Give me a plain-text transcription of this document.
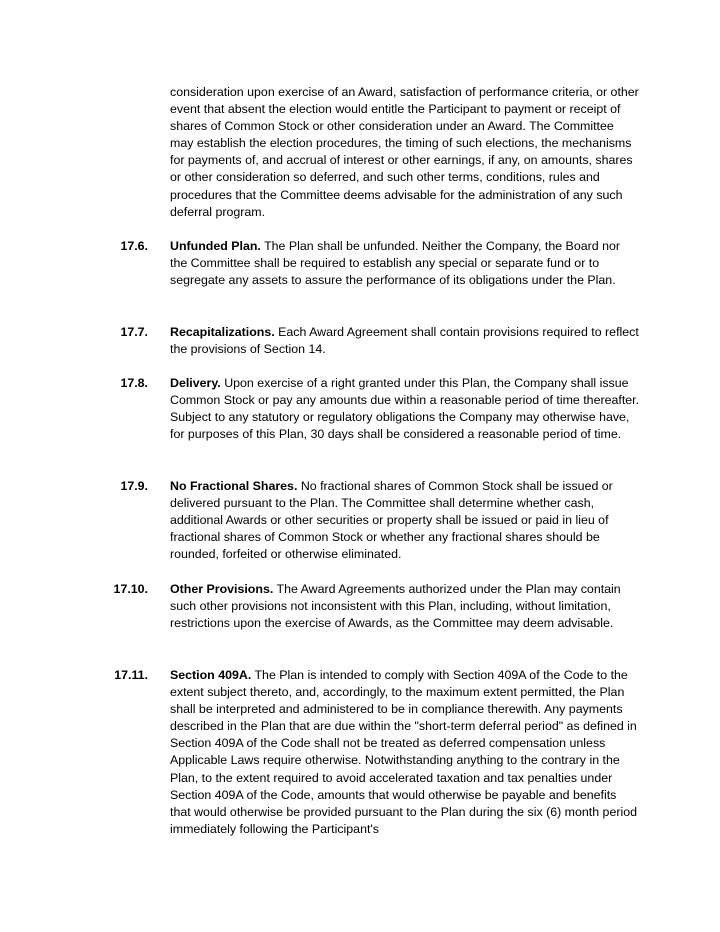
consideration upon exercise of an Award, satisfaction of performance criteria, or other event that absent the election would entitle the Participant to payment or receipt of shares of Common Stock or other consideration under an Award. The Committee may establish the election procedures, the timing of such elections, the mechanisms for payments of, and accrual of interest or other earnings, if any, on amounts, shares or other consideration so deferred, and such other terms, conditions, rules and procedures that the Committee deems advisable for the administration of any such deferral program.

17.6. Unfunded Plan. The Plan shall be unfunded. Neither the Company, the Board nor the Committee shall be required to establish any special or separate fund or to segregate any assets to assure the performance of its obligations under the Plan.

17.7. Recapitalizations. Each Award Agreement shall contain provisions required to reflect the provisions of Section 14.

17.8. Delivery. Upon exercise of a right granted under this Plan, the Company shall issue Common Stock or pay any amounts due within a reasonable period of time thereafter. Subject to any statutory or regulatory obligations the Company may otherwise have, for purposes of this Plan, 30 days shall be considered a reasonable period of time.

17.9. No Fractional Shares. No fractional shares of Common Stock shall be issued or delivered pursuant to the Plan. The Committee shall determine whether cash, additional Awards or other securities or property shall be issued or paid in lieu of fractional shares of Common Stock or whether any fractional shares should be rounded, forfeited or otherwise eliminated.

17.10. Other Provisions. The Award Agreements authorized under the Plan may contain such other provisions not inconsistent with this Plan, including, without limitation, restrictions upon the exercise of Awards, as the Committee may deem advisable.

17.11. Section 409A. The Plan is intended to comply with Section 409A of the Code to the extent subject thereto, and, accordingly, to the maximum extent permitted, the Plan shall be interpreted and administered to be in compliance therewith. Any payments described in the Plan that are due within the "short-term deferral period" as defined in Section 409A of the Code shall not be treated as deferred compensation unless Applicable Laws require otherwise. Notwithstanding anything to the contrary in the Plan, to the extent required to avoid accelerated taxation and tax penalties under Section 409A of the Code, amounts that would otherwise be payable and benefits that would otherwise be provided pursuant to the Plan during the six (6) month period immediately following the Participant's
